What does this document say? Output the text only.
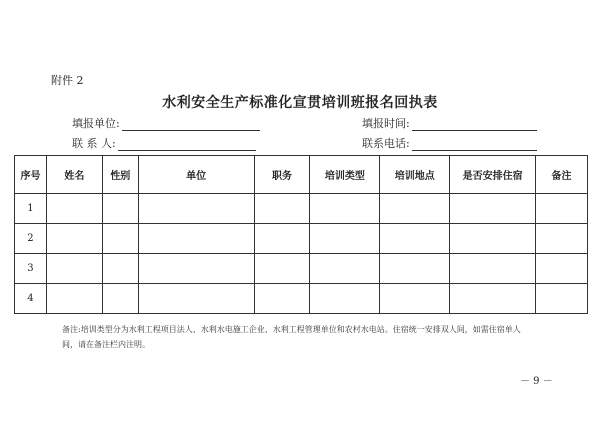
附件 2
水利安全生产标准化宣贯培训班报名回执表
填报单位:	填报时间:
联 系 人:	联系电话:
序号	姓名	性别	单位	职务	培训类型	培训地点	是否安排住宿	备注
1								
2								
3								
4								
备注:培训类型分为水利工程项目法人、水利水电施工企业、水利工程管理单位和农村水电站。住宿统一安排双人间，如需住宿单人
间，请在备注栏内注明。
－ 9 －
